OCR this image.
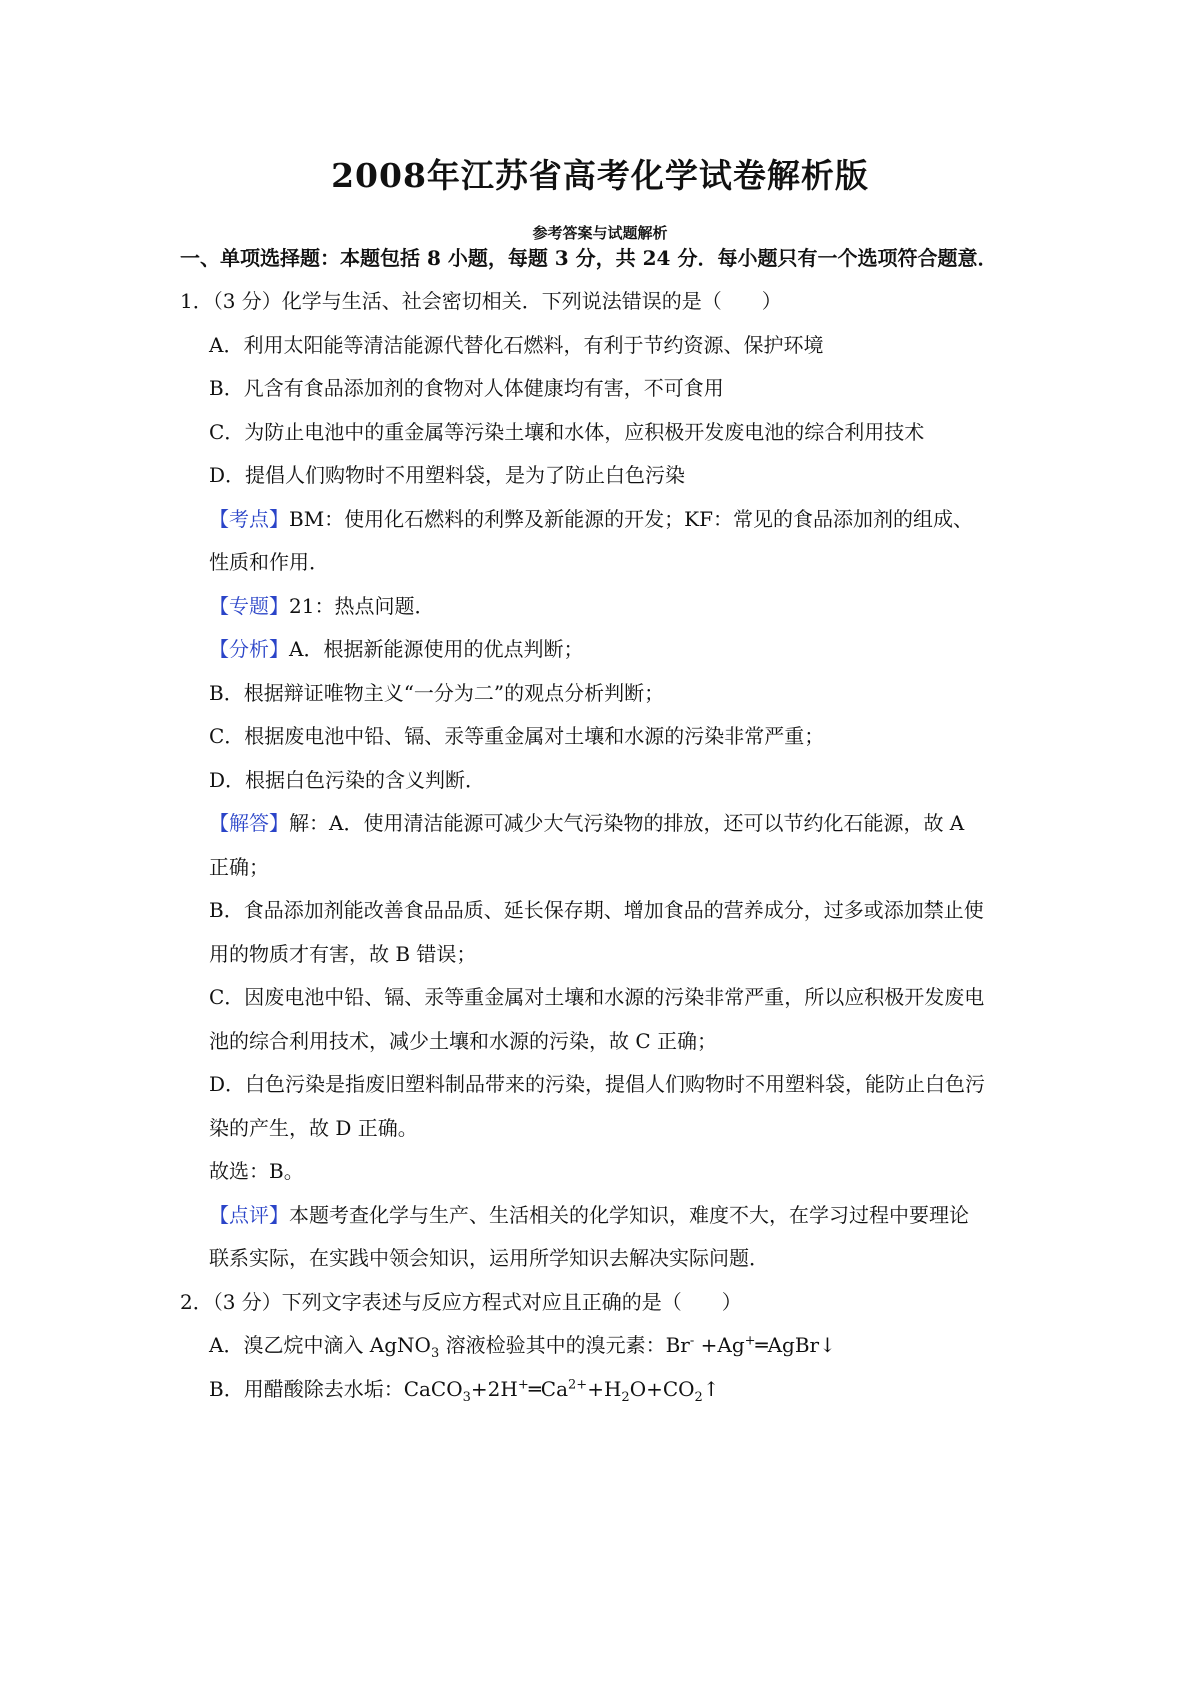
2008年江苏省高考化学试卷解析版
参考答案与试题解析
一、单项选择题：本题包括 8 小题，每题 3 分，共 24 分．每小题只有一个选项符合题意．
1．（3 分）化学与生活、社会密切相关．下列说法错误的是（　　）
A．利用太阳能等清洁能源代替化石燃料，有利于节约资源、保护环境
B．凡含有食品添加剂的食物对人体健康均有害，不可食用
C．为防止电池中的重金属等污染土壤和水体，应积极开发废电池的综合利用技术
D．提倡人们购物时不用塑料袋，是为了防止白色污染
【考点】BM：使用化石燃料的利弊及新能源的开发；KF：常见的食品添加剂的组成、
性质和作用．
【专题】21：热点问题．
【分析】A．根据新能源使用的优点判断；
B．根据辩证唯物主义“一分为二”的观点分析判断；
C．根据废电池中铅、镉、汞等重金属对土壤和水源的污染非常严重；
D．根据白色污染的含义判断．
【解答】解：A．使用清洁能源可减少大气污染物的排放，还可以节约化石能源，故 A
正确；
B．食品添加剂能改善食品品质、延长保存期、增加食品的营养成分，过多或添加禁止使
用的物质才有害，故 B 错误；
C．因废电池中铅、镉、汞等重金属对土壤和水源的污染非常严重，所以应积极开发废电
池的综合利用技术，减少土壤和水源的污染，故 C 正确；
D．白色污染是指废旧塑料制品带来的污染，提倡人们购物时不用塑料袋，能防止白色污
染的产生，故 D 正确。
故选：B。
【点评】本题考查化学与生产、生活相关的化学知识，难度不大，在学习过程中要理论
联系实际，在实践中领会知识，运用所学知识去解决实际问题．
2．（3 分）下列文字表述与反应方程式对应且正确的是（　　）
A．溴乙烷中滴入 AgNO$_3$ 溶液检验其中的溴元素：Br- +Ag+═AgBr↓
B．用醋酸除去水垢：$CaCO_3+2H^+═Ca^{2+}+H_2O+CO_2↑$
